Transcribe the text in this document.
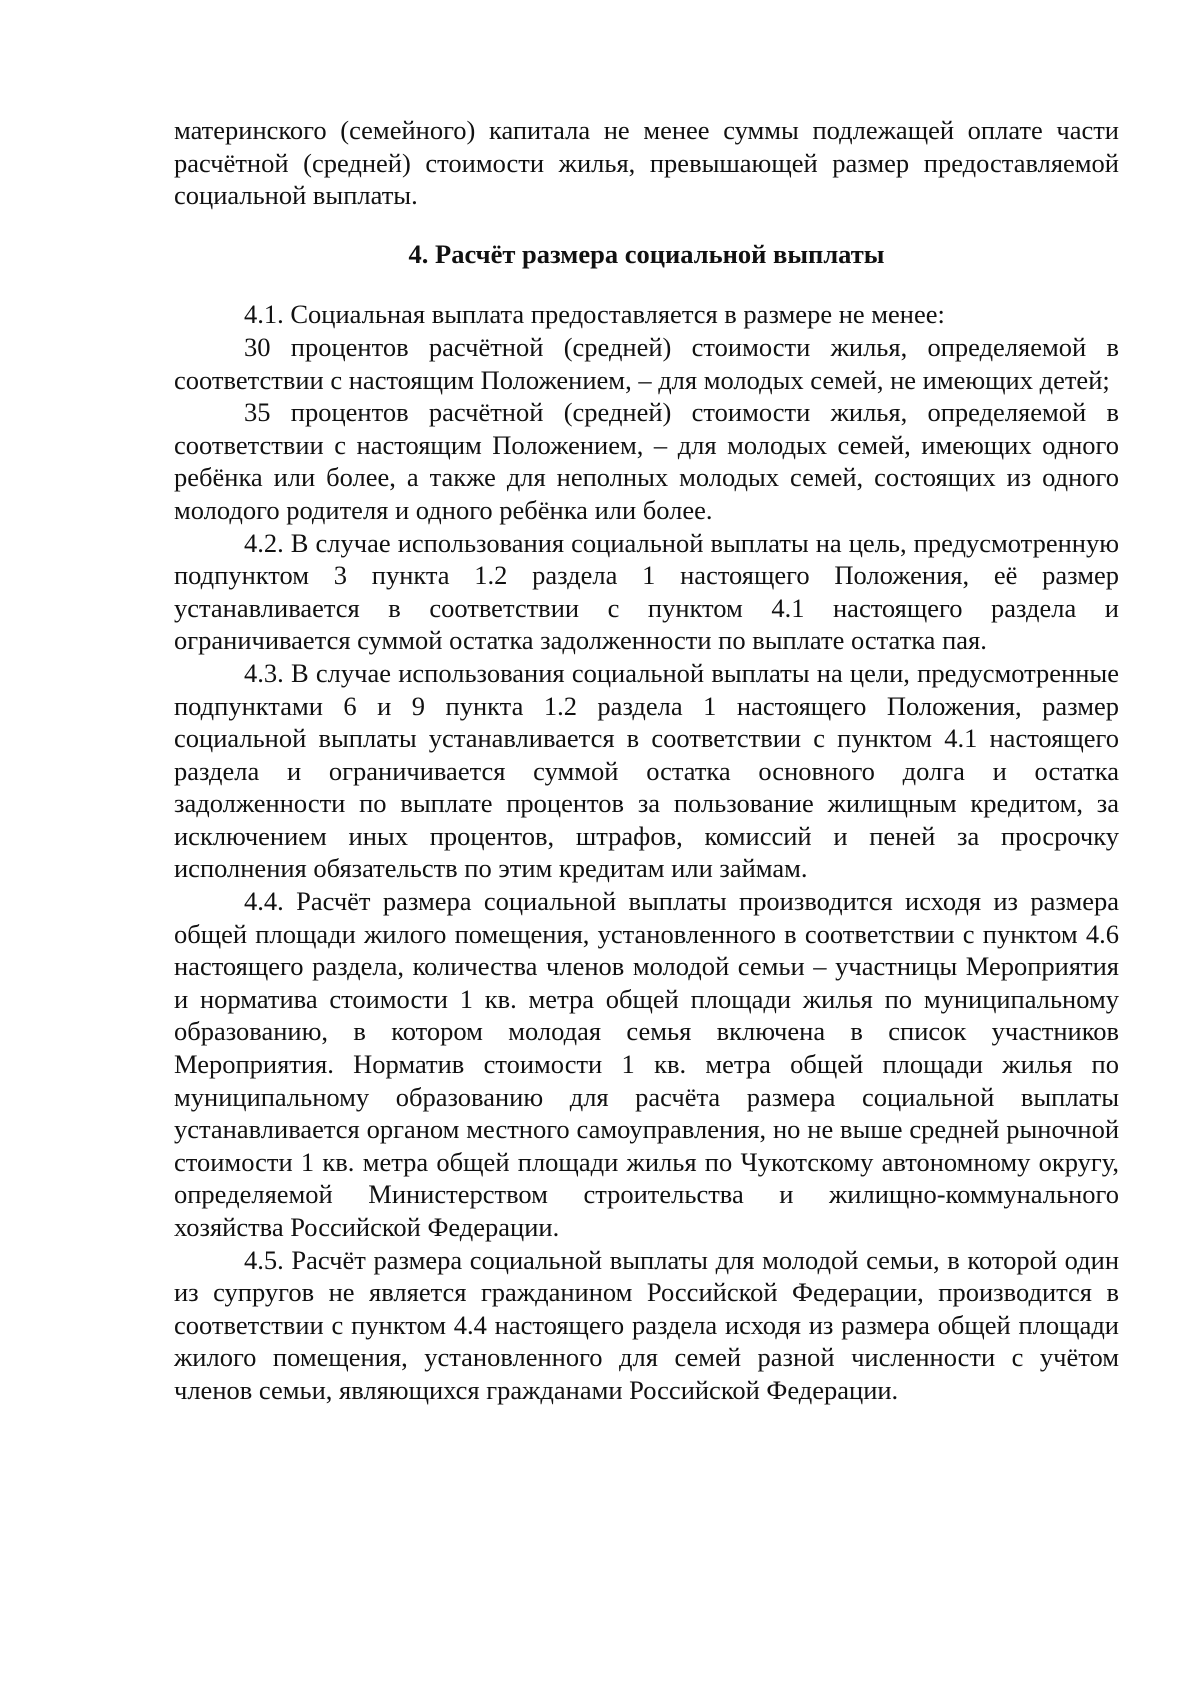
материнского (семейного) капитала не менее суммы подлежащей оплате части расчётной (средней) стоимости жилья, превышающей размер предоставляемой социальной выплаты.

4. Расчёт размера социальной выплаты

4.1. Социальная выплата предоставляется в размере не менее:

30 процентов расчётной (средней) стоимости жилья, определяемой в соответствии с настоящим Положением, – для молодых семей, не имеющих детей;

35 процентов расчётной (средней) стоимости жилья, определяемой в соответствии с настоящим Положением, – для молодых семей, имеющих одного ребёнка или более, а также для неполных молодых семей, состоящих из одного молодого родителя и одного ребёнка или более.

4.2. В случае использования социальной выплаты на цель, предусмотренную подпунктом 3 пункта 1.2 раздела 1 настоящего Положения, её размер устанавливается в соответствии с пунктом 4.1 настоящего раздела и ограничивается суммой остатка задолженности по выплате остатка пая.

4.3. В случае использования социальной выплаты на цели, предусмотренные подпунктами 6 и 9 пункта 1.2 раздела 1 настоящего Положения, размер социальной выплаты устанавливается в соответствии с пунктом 4.1 настоящего раздела и ограничивается суммой остатка основного долга и остатка задолженности по выплате процентов за пользование жилищным кредитом, за исключением иных процентов, штрафов, комиссий и пеней за просрочку исполнения обязательств по этим кредитам или займам.

4.4. Расчёт размера социальной выплаты производится исходя из размера общей площади жилого помещения, установленного в соответствии с пунктом 4.6 настоящего раздела, количества членов молодой семьи – участницы Мероприятия и норматива стоимости 1 кв. метра общей площади жилья по муниципальному образованию, в котором молодая семья включена в список участников Мероприятия. Норматив стоимости 1 кв. метра общей площади жилья по муниципальному образованию для расчёта размера социальной выплаты устанавливается органом местного самоуправления, но не выше средней рыночной стоимости 1 кв. метра общей площади жилья по Чукотскому автономному округу, определяемой Министерством строительства и жилищно-коммунального хозяйства Российской Федерации.

4.5. Расчёт размера социальной выплаты для молодой семьи, в которой один из супругов не является гражданином Российской Федерации, производится в соответствии с пунктом 4.4 настоящего раздела исходя из размера общей площади жилого помещения, установленного для семей разной численности с учётом членов семьи, являющихся гражданами Российской Федерации.
